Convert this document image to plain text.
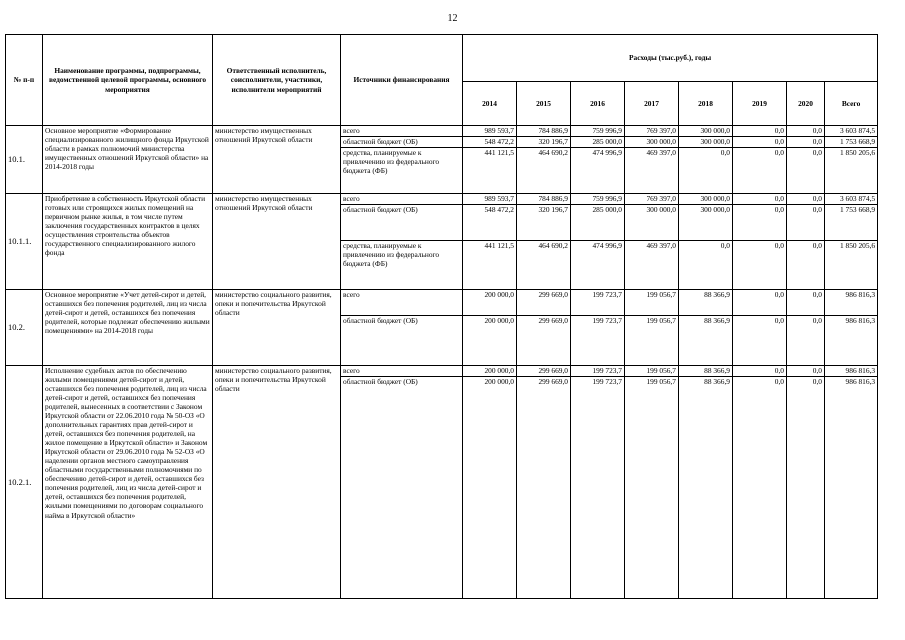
12
№ п-п	Наименование программы, подпрограммы, ведомственной целевой программы, основного мероприятия	Ответственный исполнитель, соисполнители, участники, исполнители мероприятий	Источники финансирования	Расходы (тыс.руб.), годы							
				2014	2015	2016	2017	2018	2019	2020	Всего
10.1.	Основное мероприятие «Формирование специализированного жилищного фонда Иркутской области в рамках полномочий министерства имущественных отношений Иркутской области» на 2014-2018 годы	министерство имущественных отношений Иркутской области	всего	989 593,7	784 886,9	759 996,9	769 397,0	300 000,0	0,0	0,0	3 603 874,5
			областной бюджет (ОБ)	548 472,2	320 196,7	285 000,0	300 000,0	300 000,0	0,0	0,0	1 753 668,9
			средства, планируемые к привлечению из федерального бюджета (ФБ)	441 121,5	464 690,2	474 996,9	469 397,0	0,0	0,0	0,0	1 850 205,6
10.1.1.	Приобретение в собственность Иркутской области готовых или строящихся жилых помещений на первичном рынке жилья, в том числе путем заключения государственных контрактов в целях осуществления строительства объектов государственного специализированного жилого фонда	министерство имущественных отношений Иркутской области	всего	989 593,7	784 886,9	759 996,9	769 397,0	300 000,0	0,0	0,0	3 603 874,5
			областной бюджет (ОБ)	548 472,2	320 196,7	285 000,0	300 000,0	300 000,0	0,0	0,0	1 753 668,9
			средства, планируемые к привлечению из федерального бюджета (ФБ)	441 121,5	464 690,2	474 996,9	469 397,0	0,0	0,0	0,0	1 850 205,6
10.2.	Основное мероприятие «Учет детей-сирот и детей, оставшихся без попечения родителей, лиц из числа детей-сирот и детей, оставшихся без попечения родителей, которые подлежат обеспечению жилыми помещениями» на 2014-2018 годы	министерство социального развития, опеки и попечительства Иркутской области	всего	200 000,0	299 669,0	199 723,7	199 056,7	88 366,9	0,0	0,0	986 816,3
			областной бюджет (ОБ)	200 000,0	299 669,0	199 723,7	199 056,7	88 366,9	0,0	0,0	986 816,3
10.2.1.	Исполнение судебных актов по обеспечению жилыми помещениями детей-сирот и детей, оставшихся без попечения родителей, лиц из числа детей-сирот и детей, оставшихся без попечения родителей, вынесенных в соответствии с Законом Иркутской области от 22.06.2010 года № 50-ОЗ «О дополнительных гарантиях прав детей-сирот и детей, оставшихся без попечения родителей, на жилое помещение в Иркутской области» и Законом Иркутской области от 29.06.2010 года № 52-ОЗ «О наделении органов местного самоуправления областными государственными полномочиями по обеспечению детей-сирот и детей, оставшихся без попечения родителей, лиц из числа детей-сирот и детей, оставшихся без попечения родителей, жилыми помещениями по договорам социального найма в Иркутской области»	министерство социального развития, опеки и попечительства Иркутской области	всего	200 000,0	299 669,0	199 723,7	199 056,7	88 366,9	0,0	0,0	986 816,3
			областной бюджет (ОБ)	200 000,0	299 669,0	199 723,7	199 056,7	88 366,9	0,0	0,0	986 816,3
